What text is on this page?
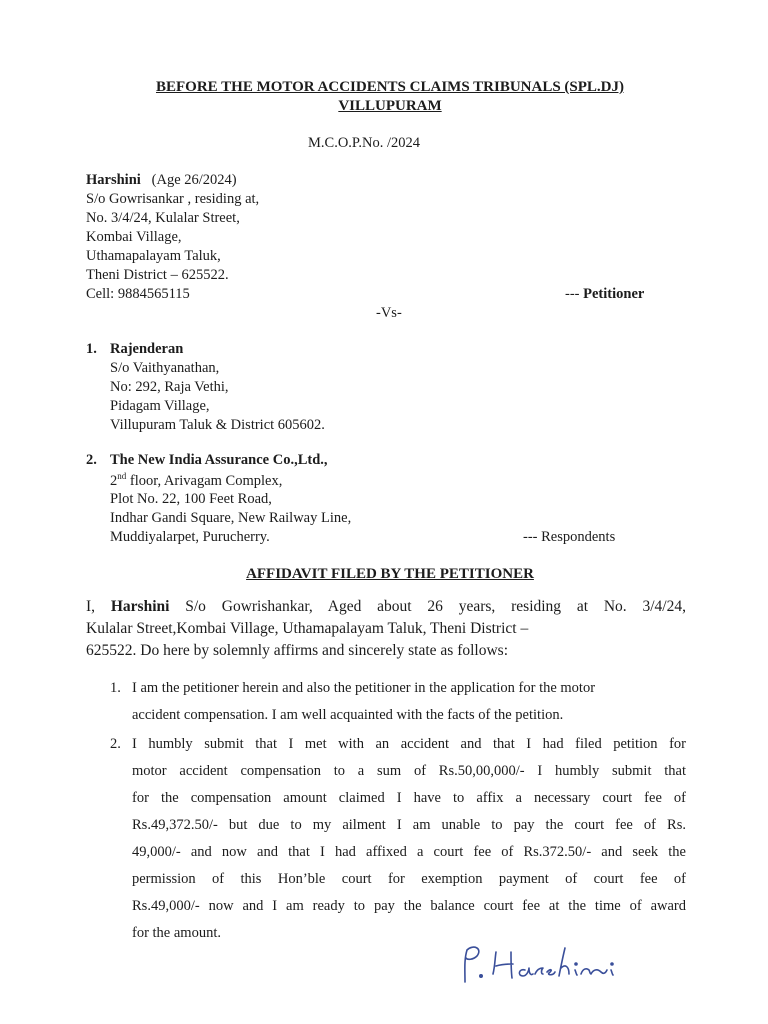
BEFORE THE MOTOR ACCIDENTS CLAIMS TRIBUNALS (SPL.DJ)
VILLUPURAM
M.C.O.P.No. /2024
Harshini (Age 26/2024)
S/o Gowrisankar , residing at,
No. 3/4/24, Kulalar Street,
Kombai Village,
Uthamapalayam Taluk,
Theni District – 625522.
Cell: 9884565115	--- Petitioner
-Vs-
1. Rajenderan
S/o Vaithyanathan,
No: 292, Raja Vethi,
Pidagam Village,
Villupuram Taluk & District 605602.
2. The New India Assurance Co.,Ltd.,
2nd floor, Arivagam Complex,
Plot No. 22, 100 Feet Road,
Indhar Gandi Square, New Railway Line,
Muddiyalarpet, Purucherry.	--- Respondents
AFFIDAVIT FILED BY THE PETITIONER
I, Harshini S/o Gowrishankar, Aged about 26 years, residing at No. 3/4/24,
Kulalar Street,Kombai Village, Uthamapalayam Taluk, Theni District –
625522. Do here by solemnly affirms and sincerely state as follows:
1. I am the petitioner herein and also the petitioner in the application for the motor
accident compensation. I am well acquainted with the facts of the petition.
2. I humbly submit that I met with an accident and that I had filed petition for
motor accident compensation to a sum of Rs.50,00,000/- I humbly submit that
for the compensation amount claimed I have to affix a necessary court fee of
Rs.49,372.50/- but due to my ailment I am unable to pay the court fee of Rs.
49,000/- and now and that I had affixed a court fee of Rs.372.50/- and seek the
permission of this Hon’ble court for exemption payment of court fee of
Rs.49,000/- now and I am ready to pay the balance court fee at the time of award
for the amount.
